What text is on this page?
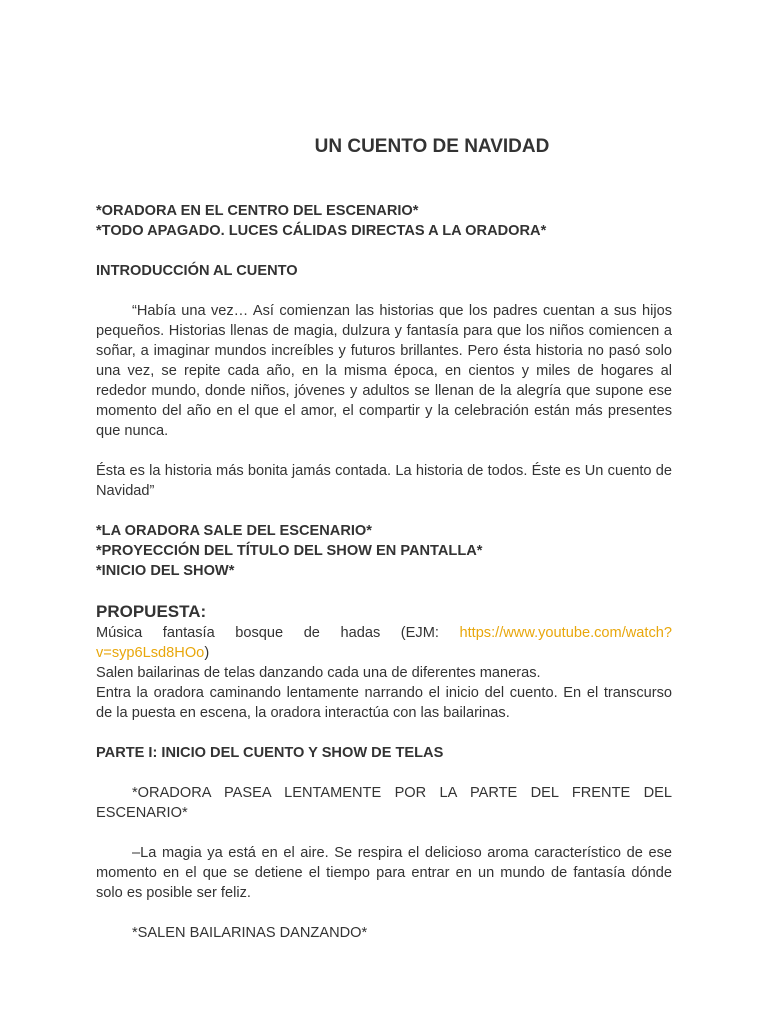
UN CUENTO DE NAVIDAD
*ORADORA EN EL CENTRO DEL ESCENARIO*
*TODO APAGADO. LUCES CÁLIDAS DIRECTAS A LA ORADORA*
INTRODUCCIÓN AL CUENTO

“Había una vez… Así comienzan las historias que los padres cuentan a sus hijos pequeños. Historias llenas de magia, dulzura y fantasía para que los niños comiencen a soñar, a imaginar mundos increíbles y futuros brillantes. Pero ésta historia no pasó solo una vez, se repite cada año, en la misma época, en cientos y miles de hogares al rededor mundo, donde niños, jóvenes y adultos se llenan de la alegría que supone ese momento del año en el que el amor, el compartir y la celebración están más presentes que nunca.

Ésta es la historia más bonita jamás contada. La historia de todos. Éste es Un cuento de Navidad”

*LA ORADORA SALE DEL ESCENARIO*
*PROYECCIÓN DEL TÍTULO DEL SHOW EN PANTALLA*
*INICIO DEL SHOW*
PROPUESTA:

Música fantasía bosque de hadas (EJM: https://www.youtube.com/watch?v=syp6Lsd8HOo)

Salen bailarinas de telas danzando cada una de diferentes maneras.

Entra la oradora caminando lentamente narrando el inicio del cuento. En el transcurso de la puesta en escena, la oradora interactúa con las bailarinas.

PARTE I: INICIO DEL CUENTO Y SHOW DE TELAS

*ORADORA PASEA LENTAMENTE POR LA PARTE DEL FRENTE DEL ESCENARIO*

–La magia ya está en el aire. Se respira el delicioso aroma característico de ese momento en el que se detiene el tiempo para entrar en un mundo de fantasía dónde solo es posible ser feliz.

*SALEN BAILARINAS DANZANDO*
